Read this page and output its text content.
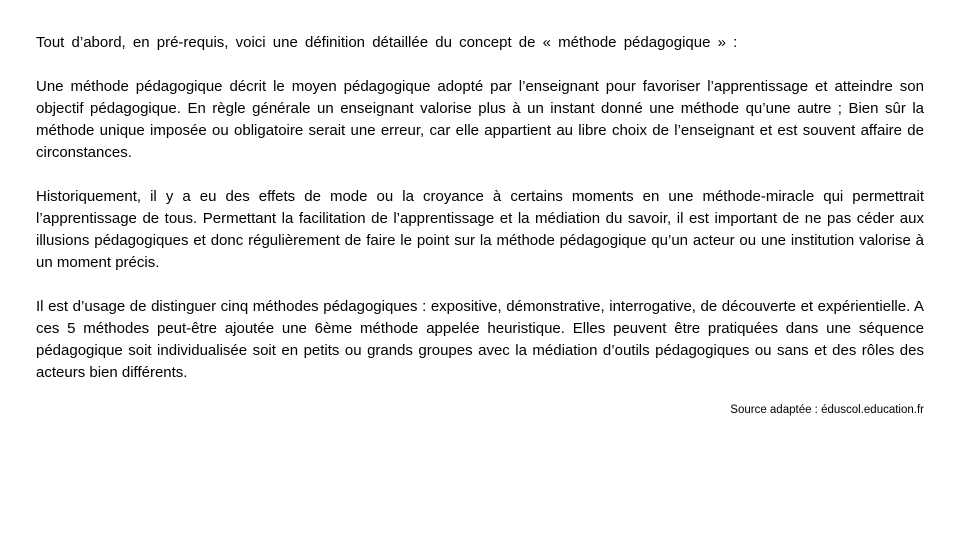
Tout d’abord, en pré-requis, voici une définition détaillée du concept de « méthode pédagogique » :

Une méthode pédagogique décrit le moyen pédagogique adopté par l’enseignant pour favoriser l’apprentissage et atteindre son objectif pédagogique. En règle générale un enseignant valorise plus à un instant donné une méthode qu’une autre ; Bien sûr la méthode unique imposée ou obligatoire serait une erreur, car elle appartient au libre choix de l’enseignant et est souvent affaire de circonstances.

Historiquement, il y a eu des effets de mode ou la croyance à certains moments en une méthode-miracle qui permettrait l’apprentissage de tous. Permettant la facilitation de l’apprentissage et la médiation du savoir, il est important de ne pas céder aux illusions pédagogiques et donc régulièrement de faire le point sur la méthode pédagogique qu’un acteur ou une institution valorise à un moment précis.

Il est d’usage de distinguer cinq méthodes pédagogiques : expositive, démonstrative, interrogative, de découverte et expérientielle. A ces 5 méthodes peut-être ajoutée une 6ème méthode appelée heuristique. Elles peuvent être pratiquées dans une séquence pédagogique soit individualisée soit en petits ou grands groupes avec la médiation d’outils pédagogiques ou sans et des rôles des acteurs bien différents.

Source adaptée : éduscol.education.fr
